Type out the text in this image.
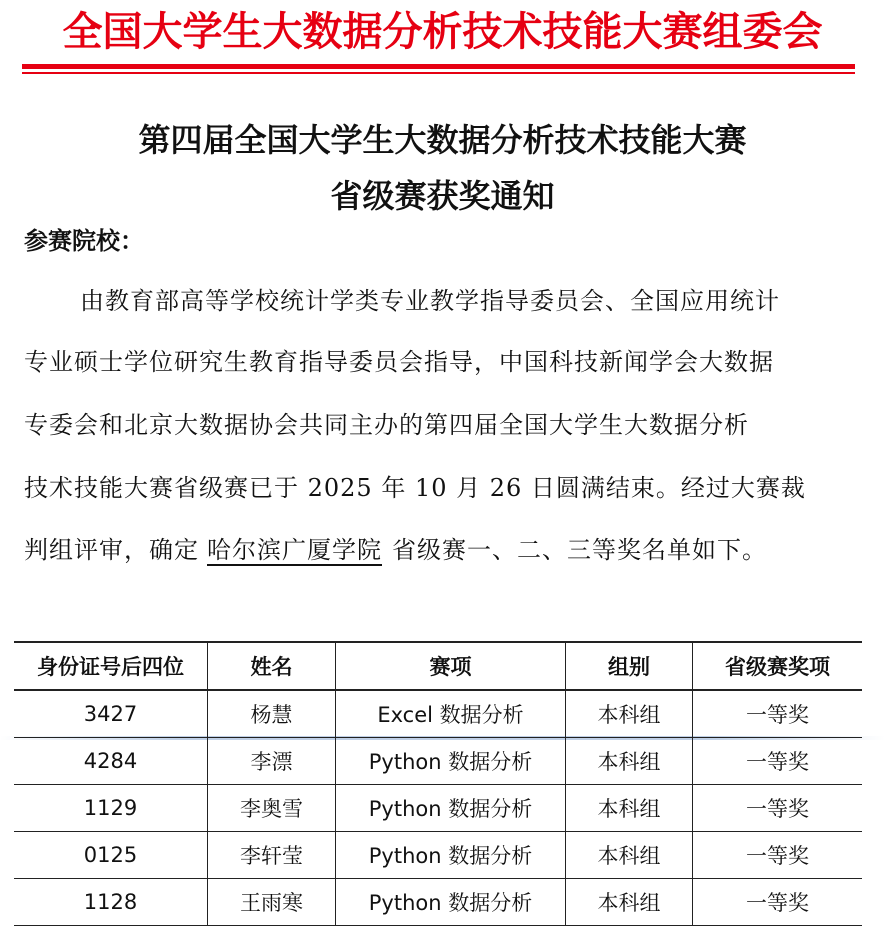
全国大学生大数据分析技术技能大赛组委会
第四届全国大学生大数据分析技术技能大赛
省级赛获奖通知
参赛院校：
由教育部高等学校统计学类专业教学指导委员会、全国应用统计
专业硕士学位研究生教育指导委员会指导，中国科技新闻学会大数据
专委会和北京大数据协会共同主办的第四届全国大学生大数据分析
技术技能大赛省级赛已于 2025 年 10 月 26 日圆满结束。经过大赛裁
判组评审，确定 哈尔滨广厦学院 省级赛一、二、三等奖名单如下。
身份证号后四位	姓名	赛项	组别	省级赛奖项
3427	杨慧	Excel 数据分析	本科组	一等奖
4284	李漂	Python 数据分析	本科组	一等奖
1129	李奥雪	Python 数据分析	本科组	一等奖
0125	李轩莹	Python 数据分析	本科组	一等奖
1128	王雨寒	Python 数据分析	本科组	一等奖
